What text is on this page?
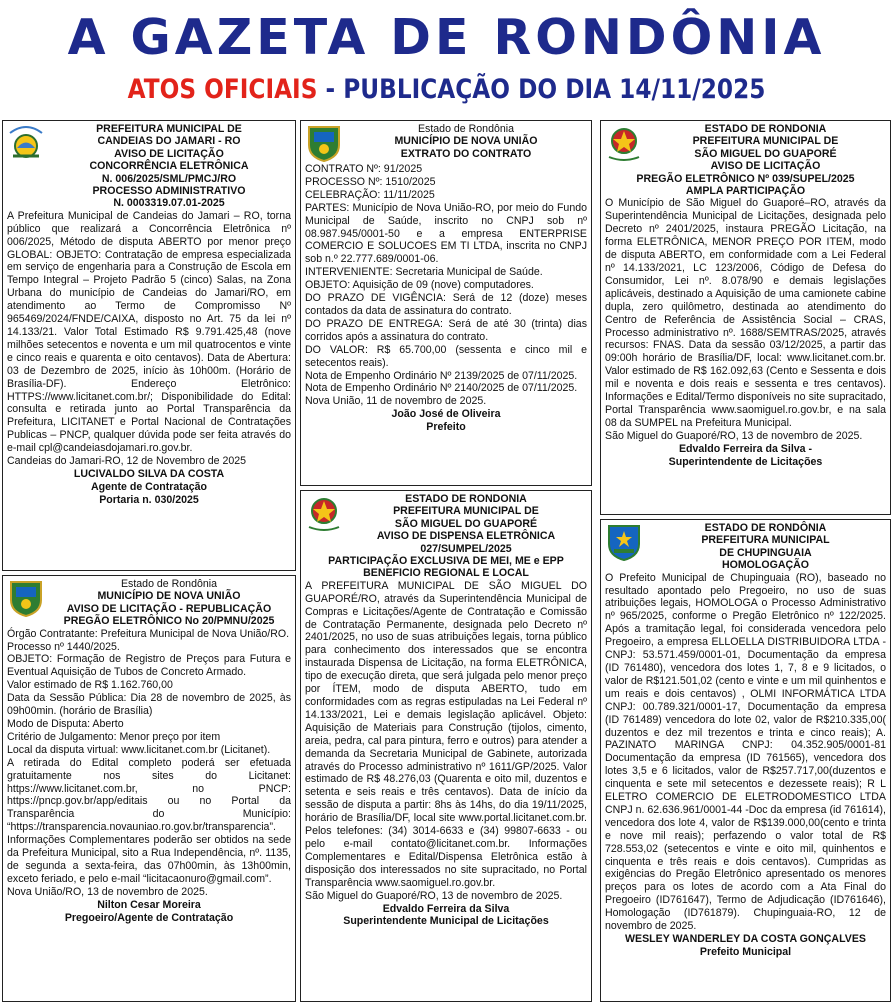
A GAZETA DE RONDÔNIA
ATOS OFICIAIS - PUBLICAÇÃO DO DIA 14/11/2025
PREFEITURA MUNICIPAL DE
CANDEIAS DO JAMARI - RO
AVISO DE LICITAÇÃO
CONCORRÊNCIA ELETRÔNICA
N. 006/2025/SML/PMCJ/RO
PROCESSO ADMINISTRATIVO
N. 0003319.07.01-2025

A Prefeitura Municipal de Candeias do Jamari – RO, torna público que realizará a Concorrência Eletrônica nº 006/2025, Método de disputa ABERTO por menor preço GLOBAL: OBJETO: Contratação de empresa especializada em serviço de engenharia para a Construção de Escola em Tempo Integral – Projeto Padrão 5 (cinco) Salas, na Zona Urbana do município de Candeias do Jamari/RO, em atendimento ao Termo de Compromisso Nº 965469/2024/FNDE/CAIXA, disposto no Art. 75 da lei nº 14.133/21. Valor Total Estimado R$ 9.791.425,48 (nove milhões setecentos e noventa e um mil quatrocentos e vinte e cinco reais e quarenta e oito centavos). Data de Abertura: 03 de Dezembro de 2025, início às 10h00m. (Horário de Brasília-DF). Endereço Eletrônico: HTTPS://www.licitanet.com.br/; Disponibilidade do Edital: consulta e retirada junto ao Portal Transparência da Prefeitura, LICITANET e Portal Nacional de Contratações Publicas – PNCP, qualquer dúvida pode ser feita através do e-mail cpl@candeiasdojamari.ro.gov.br.

Candeias do Jamari-RO, 12 de Novembro de 2025

LUCIVALDO SILVA DA COSTA
Agente de Contratação
Portaria n. 030/2025
Estado de Rondônia
MUNICÍPIO DE NOVA UNIÃO
AVISO DE LICITAÇÃO - REPUBLICAÇÃO
PREGÃO ELETRÔNICO No 20/PMNU/2025

Órgão Contratante: Prefeitura Municipal de Nova União/RO.

Processo nº 1440/2025.

OBJETO: Formação de Registro de Preços para Futura e Eventual Aquisição de Tubos de Concreto Armado.

Valor estimado de R$ 1.162.760,00

Data da Sessão Pública: Dia 28 de novembro de 2025, às 09h00min. (horário de Brasília)

Modo de Disputa: Aberto

Critério de Julgamento: Menor preço por item

Local da disputa virtual: www.licitanet.com.br (Licitanet).

A retirada do Edital completo poderá ser efetuada gratuitamente nos sites do Licitanet: https://www.licitanet.com.br, no PNCP: https://pncp.gov.br/app/editais ou no Portal da Transparência do Município: “https://transparencia.novauniao.ro.gov.br/transparencia”.

Informações Complementares poderão ser obtidos na sede da Prefeitura Municipal, sito a Rua Independência, nº. 1135, de segunda a sexta-feira, das 07h00min, às 13h00min, exceto feriado, e pelo e-mail “licitacaonuro@gmail.com”.

Nova União/RO, 13 de novembro de 2025.

Nilton Cesar Moreira
Pregoeiro/Agente de Contratação
Estado de Rondônia
MUNICÍPIO DE NOVA UNIÃO
EXTRATO DO CONTRATO

CONTRATO Nº: 91/2025

PROCESSO Nº: 1510/2025

CELEBRAÇÃO: 11/11/2025

PARTES: Município de Nova União-RO, por meio do Fundo Municipal de Saúde, inscrito no CNPJ sob nº 08.987.945/0001-50 e a empresa ENTERPRISE COMERCIO E SOLUCOES EM TI LTDA, inscrita no CNPJ sob n.º 22.777.689/0001-06.

INTERVENIENTE: Secretaria Municipal de Saúde.

OBJETO: Aquisição de 09 (nove) computadores.

DO PRAZO DE VIGÊNCIA: Será de 12 (doze) meses contados da data de assinatura do contrato.

DO PRAZO DE ENTREGA: Será de até 30 (trinta) dias corridos após a assinatura do contrato.

DO VALOR: R$ 65.700,00 (sessenta e cinco mil e setecentos reais).

Nota de Empenho Ordinário Nº 2139/2025 de 07/11/2025.

Nota de Empenho Ordinário Nº 2140/2025 de 07/11/2025.

Nova União, 11 de novembro de 2025.

João José de Oliveira
Prefeito
ESTADO DE RONDONIA
PREFEITURA MUNICIPAL DE
SÃO MIGUEL DO GUAPORÉ
AVISO DE DISPENSA ELETRÔNICA
027/SUMPEL/2025
PARTICIPAÇÃO EXCLUSIVA DE MEI, ME e EPP
BENEFICIO REGIONAL E LOCAL

A PREFEITURA MUNICIPAL DE SÃO MIGUEL DO GUAPORÉ/RO, através da Superintendência Municipal de Compras e Licitações/Agente de Contratação e Comissão de Contratação Permanente, designada pelo Decreto nº 2401/2025, no uso de suas atribuições legais, torna público para conhecimento dos interessados que se encontra instaurada Dispensa de Licitação, na forma ELETRÔNICA, tipo de execução direta, que será julgada pelo menor preço por ÍTEM, modo de disputa ABERTO, tudo em conformidades com as regras estipuladas na Lei Federal nº 14.133/2021, Lei e demais legislação aplicável. Objeto: Aquisição de Materiais para Construção (tijolos, cimento, areia, pedra, cal para pintura, ferro e outros) para atender a demanda da Secretaria Municipal de Gabinete, autorizada através do Processo administrativo nº 1611/GP/2025. Valor estimado de R$ 48.276,03 (Quarenta e oito mil, duzentos e setenta e seis reais e três centavos). Data de início da sessão de disputa a partir: 8hs às 14hs, do dia 19/11/2025, horário de Brasília/DF, local site www.portal.licitanet.com.br. Pelos telefones: (34) 3014-6633 e (34) 99807-6633 - ou pelo e-mail contato@licitanet.com.br. Informações Complementares e Edital/Dispensa Eletrônica estão à disposição dos interessados no site supracitado, no Portal Transparência www.saomiguel.ro.gov.br.

São Miguel do Guaporé/RO, 13 de novembro de 2025.

Edvaldo Ferreira da Silva
Superintendente Municipal de Licitações
ESTADO DE RONDONIA
PREFEITURA MUNICIPAL DE
SÃO MIGUEL DO GUAPORÉ
AVISO DE LICITAÇÃO
PREGÃO ELETRÔNICO Nº 039/SUPEL/2025
AMPLA PARTICIPAÇÃO

O Município de São Miguel do Guaporé–RO, através da Superintendência Municipal de Licitações, designada pelo Decreto nº 2401/2025, instaura PREGÃO Licitação, na forma ELETRÔNICA, MENOR PREÇO POR ITEM, modo de disputa ABERTO, em conformidade com a Lei Federal nº 14.133/2021, LC 123/2006, Código de Defesa do Consumidor, Lei nº. 8.078/90 e demais legislações aplicáveis, destinado a Aquisição de uma camionete cabine dupla, zero quilômetro, destinada ao atendimento do Centro de Referência de Assistência Social – CRAS, Processo administrativo nº. 1688/SEMTRAS/2025, através recursos: FNAS. Data da sessão 03/12/2025, a partir das 09:00h horário de Brasília/DF, local: www.licitanet.com.br. Valor estimado de R$ 162.092,63 (Cento e Sessenta e dois mil e noventa e dois reais e sessenta e tres centavos). Informações e Edital/Termo disponíveis no site supracitado, Portal Transparência www.saomiguel.ro.gov.br, e na sala 08 da SUMPEL na Prefeitura Municipal.

São Miguel do Guaporé/RO, 13 de novembro de 2025.

Edvaldo Ferreira da Silva -
Superintendente de Licitações
ESTADO DE RONDÔNIA
PREFEITURA MUNICIPAL
DE CHUPINGUAIA
HOMOLOGAÇÃO

O Prefeito Municipal de Chupinguaia (RO), baseado no resultado apontado pelo Pregoeiro, no uso de suas atribuições legais, HOMOLOGA o Processo Administrativo nº 965/2025, conforme o Pregão Eletrônico nº 122/2025. Após a tramitação legal, foi considerada vencedora pelo Pregoeiro, a empresa ELLOELLA DISTRIBUIDORA LTDA - CNPJ: 53.571.459/0001-01, Documentação da empresa (ID 761480), vencedora dos lotes 1, 7, 8 e 9 licitados, o valor de R$121.501,02 (cento e vinte e um mil quinhentos e um reais e dois centavos) , OLMI INFORMÁTICA LTDA CNPJ: 00.789.321/0001-17, Documentação da empresa (ID 761489) vencedora do lote 02, valor de R$210.335,00( duzentos e dez mil trezentos e trinta e cinco reais); A. PAZINATO MARINGA CNPJ: 04.352.905/0001-81 Documentação da empresa (ID 761565), vencedora dos lotes 3,5 e 6 licitados, valor de R$257.717,00(duzentos e cinquenta e sete mil setecentos e dezessete reais); R L ELETRO COMERCIO DE ELETRODOMESTICO LTDA CNPJ n. 62.636.961/0001-44 -Doc da empresa (id 761614), vencedora dos lote 4, valor de R$139.000,00(cento e trinta e nove mil reais); perfazendo o valor total de R$ 728.553,02 (setecentos e vinte e oito mil, quinhentos e cinquenta e três reais e dois centavos). Cumpridas as exigências do Pregão Eletrônico apresentado os menores preços para os lotes de acordo com a Ata Final do Pregoeiro (ID761647), Termo de Adjudicação (ID761646), Homologação (ID761879). Chupinguaia-RO, 12 de novembro de 2025.

WESLEY WANDERLEY DA COSTA GONÇALVES
Prefeito Municipal
